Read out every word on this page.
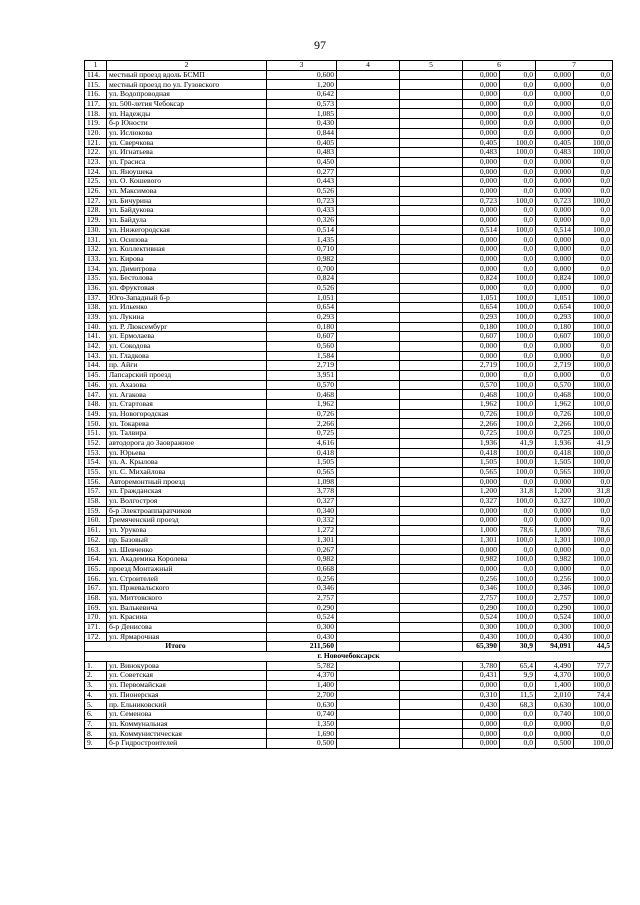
97
1	2	3	4	5	6		7	
114.	местный проезд вдоль БСМП	0,600			0,000	0,0	0,000	0,0
115.	местный проезд по ул. Гузовского	1,200			0,000	0,0	0,000	0,0
116.	ул. Водопроводная	0,642			0,000	0,0	0,000	0,0
117.	ул. 500-летия Чебоксар	0,573			0,000	0,0	0,000	0,0
118.	ул. Надежды	1,085			0,000	0,0	0,000	0,0
119.	б-р Юности	0,430			0,000	0,0	0,000	0,0
120.	ул. Ислюкова	0,844			0,000	0,0	0,000	0,0
121.	ул. Сверчкова	0,405			0,405	100,0	0,405	100,0
122.	ул. Игнатьева	0,483			0,483	100,0	0,483	100,0
123.	ул. Грасиса	0,450			0,000	0,0	0,000	0,0
124.	ул. Яноушека	0,277			0,000	0,0	0,000	0,0
125.	ул. О. Кошевого	0,443			0,000	0,0	0,000	0,0
126.	ул. Максимова	0,526			0,000	0,0	0,000	0,0
127.	ул. Бичурина	0,723			0,723	100,0	0,723	100,0
128.	ул. Байдукова	0,433			0,000	0,0	0,000	0,0
129.	ул. Байдула	0,326			0,000	0,0	0,000	0,0
130.	ул. Нижегородская	0,514			0,514	100,0	0,514	100,0
131.	ул. Осипова	1,435			0,000	0,0	0,000	0,0
132.	ул. Коллективная	0,710			0,000	0,0	0,000	0,0
133.	ул. Кирова	0,982			0,000	0,0	0,000	0,0
134.	ул. Димитрова	0,700			0,000	0,0	0,000	0,0
135.	ул. Бестолова	0,824			0,824	100,0	0,824	100,0
136.	ул. Фруктовая	0,526			0,000	0,0	0,000	0,0
137.	Юго-Западный б-р	1,051			1,051	100,0	1,051	100,0
138.	ул. Ильенко	0,654			0,654	100,0	0,654	100,0
139.	ул. Лукина	0,293			0,293	100,0	0,293	100,0
140.	ул. Р. Люксембург	0,180			0,180	100,0	0,180	100,0
141.	ул. Ермолаева	0,607			0,607	100,0	0,607	100,0
142.	ул. Сокодова	0,560			0,000	0,0	0,000	0,0
143.	ул. Гладкова	1,584			0,000	0,0	0,000	0,0
144.	пр. Айги	2,719			2,719	100,0	2,719	100,0
145.	Лапсарский проезд	3,951			0,000	0,0	0,000	0,0
146.	ул. Ахазова	0,570			0,570	100,0	0,570	100,0
147.	ул. Агакова	0,468			0,468	100,0	0,468	100,0
148.	ул. Стартовая	1,962			1,962	100,0	1,962	100,0
149.	ул. Новогородская	0,726			0,726	100,0	0,726	100,0
150.	ул. Токарева	2,266			2,266	100,0	2,266	100,0
151.	ул. Талвира	0,725			0,725	100,0	0,725	100,0
152.	автодорога до Заовражное	4,616			1,936	41,9	1,936	41,9
153.	ул. Юрьева	0,418			0,418	100,0	0,418	100,0
154.	ул. А. Крылова	1,505			1,505	100,0	1,505	100,0
155.	ул. С. Михайлова	0,565			0,565	100,0	0,565	100,0
156.	Авторемонтный проезд	1,098			0,000	0,0	0,000	0,0
157.	ул. Гражданская	3,778			1,200	31,8	1,200	31,8
158.	ул. Волгостроя	0,327			0,327	100,0	0,327	100,0
159.	б-р Электроаппаратчиков	0,340			0,000	0,0	0,000	0,0
160.	Гремяченский проезд	0,332			0,000	0,0	0,000	0,0
161.	ул. Урукова	1,272			1,000	78,6	1,000	78,6
162.	пр. Базовый	1,301			1,301	100,0	1,301	100,0
163.	ул. Шевченко	0,267			0,000	0,0	0,000	0,0
164.	ул. Академика Королева	0,982			0,982	100,0	0,982	100,0
165.	проезд Монтажный	0,668			0,000	0,0	0,000	0,0
166.	ул. Строителей	0,256			0,256	100,0	0,256	100,0
167.	ул. Пржевальского	0,346			0,346	100,0	0,346	100,0
168.	ул. Миттовского	2,757			2,757	100,0	2,757	100,0
169.	ул. Валькевича	0,290			0,290	100,0	0,290	100,0
170.	ул. Красина	0,524			0,524	100,0	0,524	100,0
171.	б-р Денисова	0,300			0,300	100,0	0,300	100,0
172.	ул. Ярмарочная	0,430			0,430	100,0	0,430	100,0
Итого		211,560			65,390	30,9	94,091	44,5
г. Новочебоксарск								
1.	ул. Винокурова	5,782			3,780	65,4	4,490	77,7
2.	ул. Советская	4,370			0,431	9,9	4,370	100,0
3.	ул. Первомайская	1,400			0,000	0,0	1,400	100,0
4.	ул. Пионерская	2,700			0,310	11,5	2,010	74,4
5.	пр. Ельниковский	0,630			0,430	68,3	0,630	100,0
6.	ул. Семенова	0,740			0,000	0,0	0,740	100,0
7.	ул. Коммунальная	1,350			0,000	0,0	0,000	0,0
8.	ул. Коммунистическая	1,690			0,000	0,0	0,000	0,0
9.	б-р Гидростроителей	0,500			0,000	0,0	0,500	100,0
